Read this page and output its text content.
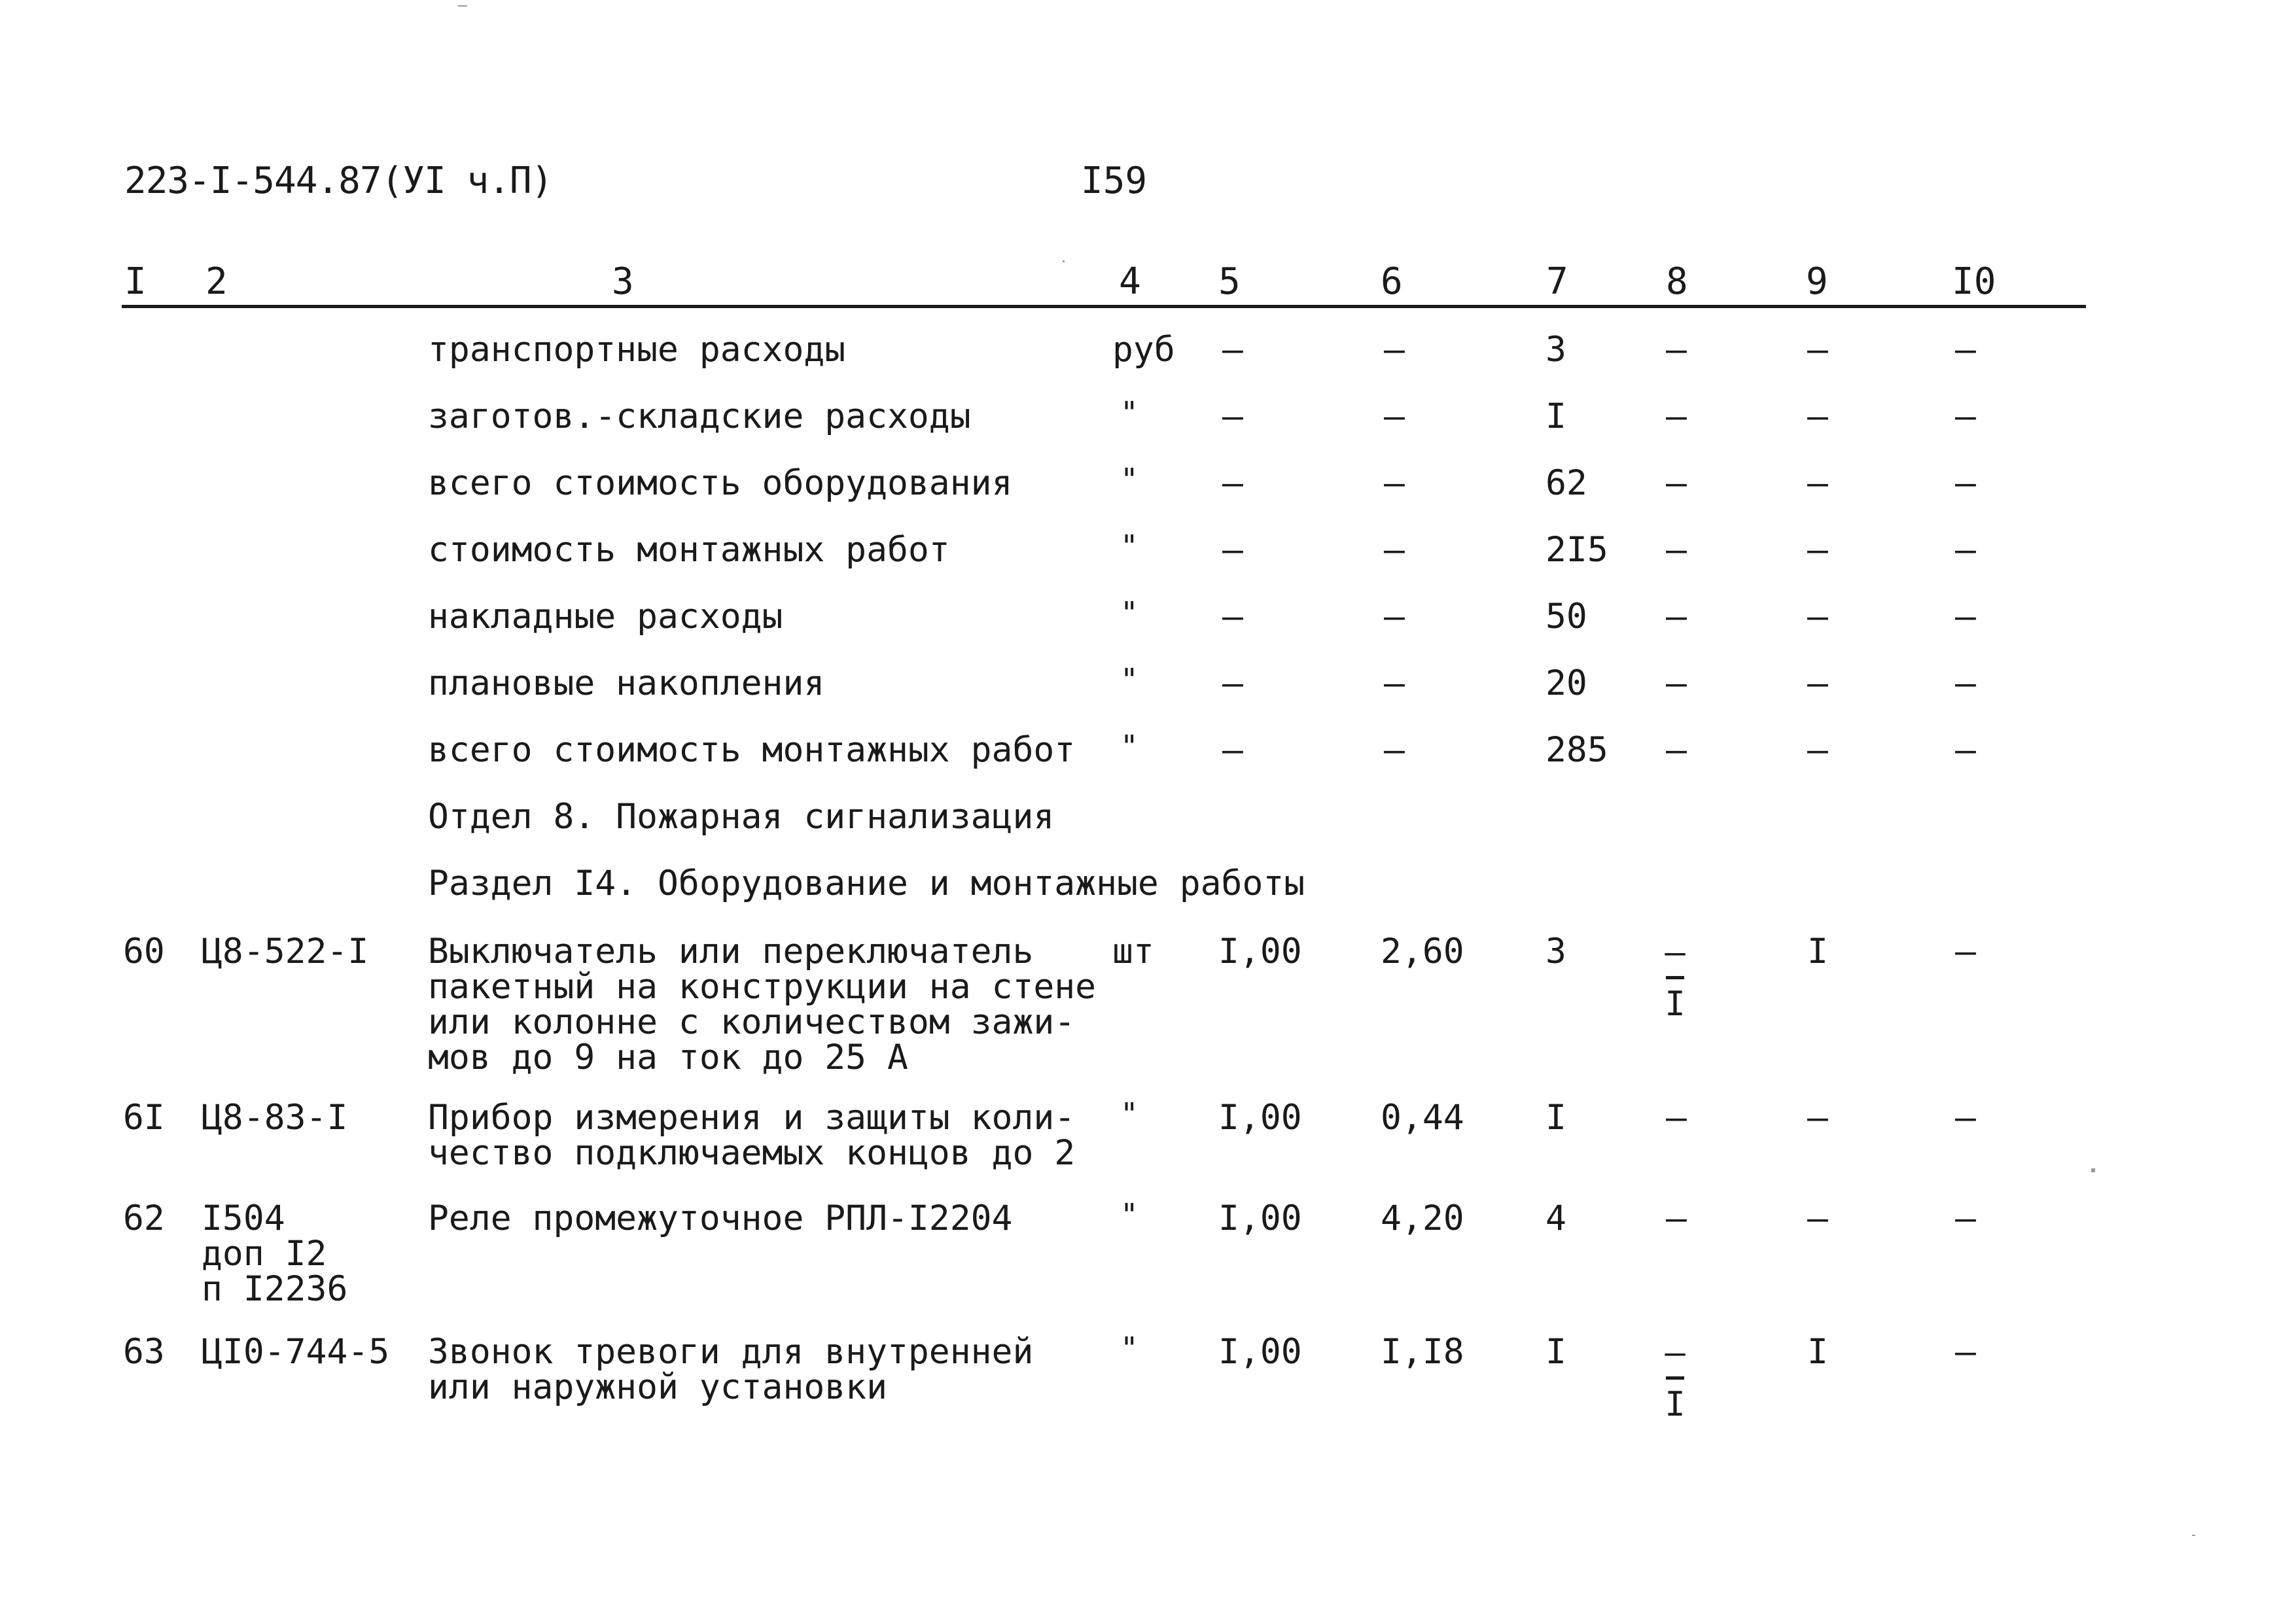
223-I-544.87(УI ч.П)	I59
I 2	3	4 5	6	7	8	9	I0
транспортные расходы	руб –	–	3	–	–	–
заготов.-складские расходы	" –	–	I	–	–	–
всего стоимость оборудования	" –	–	62 –	–	–
стоимость монтажных работ	" –	–	2I5 –	–	–
накладные расходы	" –	–	50 –	–	–
плановые накопления	" –	–	20 –	–	–
всего стоимость монтажных работ " –	–	285 –	–	–
Отдел 8. Пожарная сигнализация
Раздел I4. Оборудование и монтажные работы
60 Ц8-522-I Выключатель или переключатель
пакетный на конструкции на стене
или колонне с количеством зажи-
мов до 9 на ток до 25 А
шт I,00 2,60 3	–
I
I	–
6I Ц8-83-I Прибор измерения и защиты коли-
чество подключаемых концов до 2
" I,00 0,44 I	–	–	–
62 I504
доп I2
п I2236
Реле промежуточное РПЛ-I2204	" I,00 4,20 4	–	–	–
63 ЦI0-744-5 Звонок тревоги для внутренней
или наружной установки
" I,00 I,I8 I	–
I
I	–
